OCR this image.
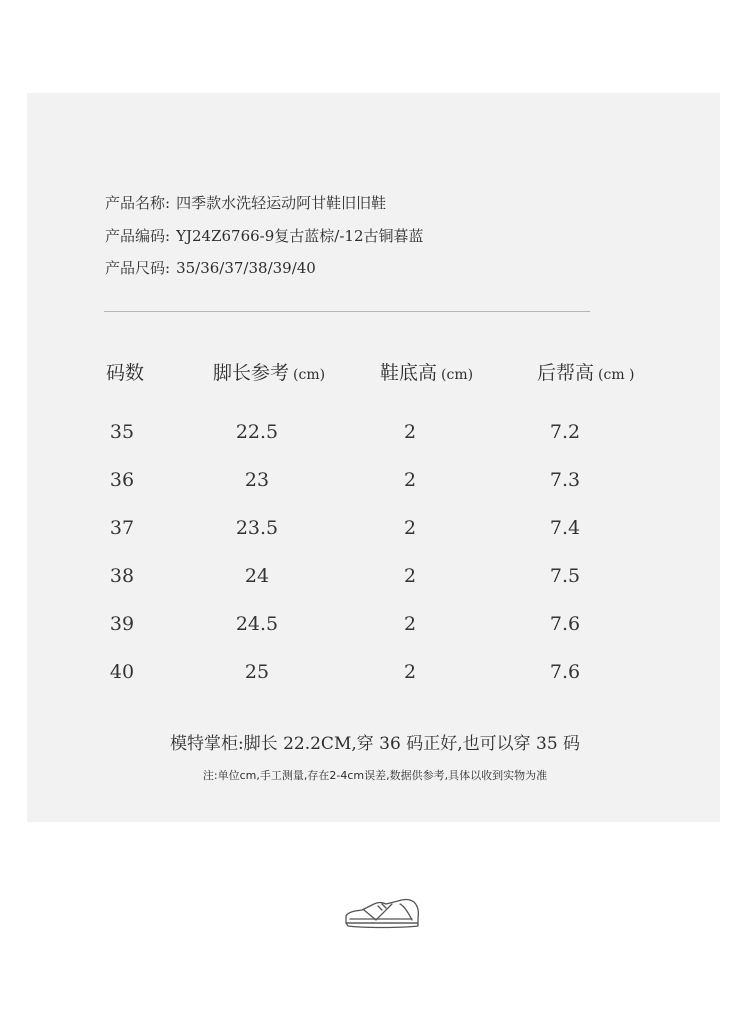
产品名称: 四季款水洗轻运动阿甘鞋旧旧鞋
产品编码: YJ24Z6766-9复古蓝棕/-12古铜暮蓝
产品尺码: 35/36/37/38/39/40
码数	脚长参考 (cm)	鞋底高 (cm)	后帮高 (cm )
35	22.5	2	7.2
36	23	2	7.3
37	23.5	2	7.4
38	24	2	7.5
39	24.5	2	7.6
40	25	2	7.6
模特掌柜:脚长 22.2CM,穿 36 码正好,也可以穿 35 码
注:单位cm,手工测量,存在2-4cm误差,数据供参考,具体以收到实物为准
